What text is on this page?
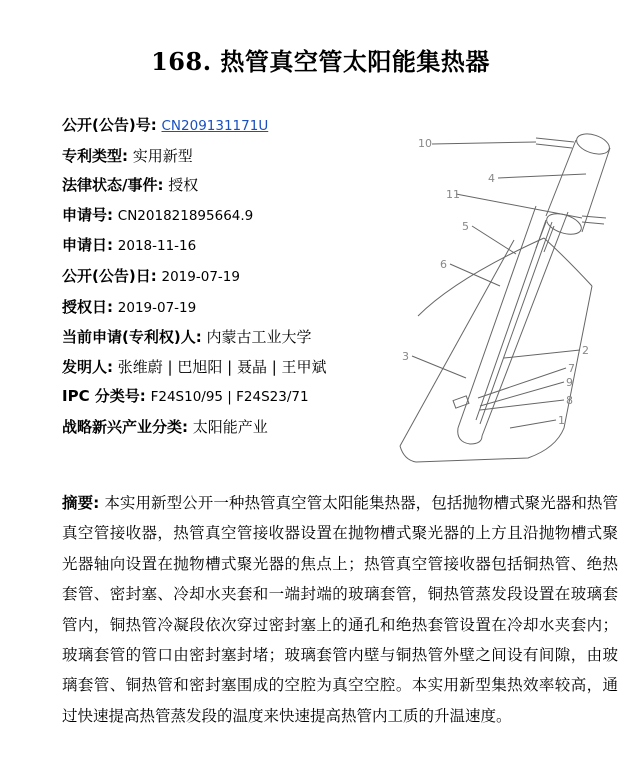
168. 热管真空管太阳能集热器
公开(公告)号: CN209131171U
专利类型: 实用新型
法律状态/事件: 授权
申请号: CN201821895664.9
申请日: 2018-11-16
公开(公告)日: 2019-07-19
授权日: 2019-07-19
当前申请(专利权)人: 内蒙古工业大学
发明人: 张维蔚 | 巴旭阳 | 聂晶 | 王甲斌
IPC 分类号: F24S10/95 | F24S23/71
战略新兴产业分类: 太阳能产业
10
4
11
5
6
3	2
7
9
8
1
摘要: 本实用新型公开一种热管真空管太阳能集热器，包括抛物槽式聚光器和热管真空管接收器，热管真空管接收器设置在抛物槽式聚光器的上方且沿抛物槽式聚光器轴向设置在抛物槽式聚光器的焦点上；热管真空管接收器包括铜热管、绝热套管、密封塞、冷却水夹套和一端封端的玻璃套管，铜热管蒸发段设置在玻璃套管内，铜热管冷凝段依次穿过密封塞上的通孔和绝热套管设置在冷却水夹套内；玻璃套管的管口由密封塞封堵；玻璃套管内壁与铜热管外壁之间设有间隙，由玻璃套管、铜热管和密封塞围成的空腔为真空空腔。本实用新型集热效率较高，通过快速提高热管蒸发段的温度来快速提高热管内工质的升温速度。
